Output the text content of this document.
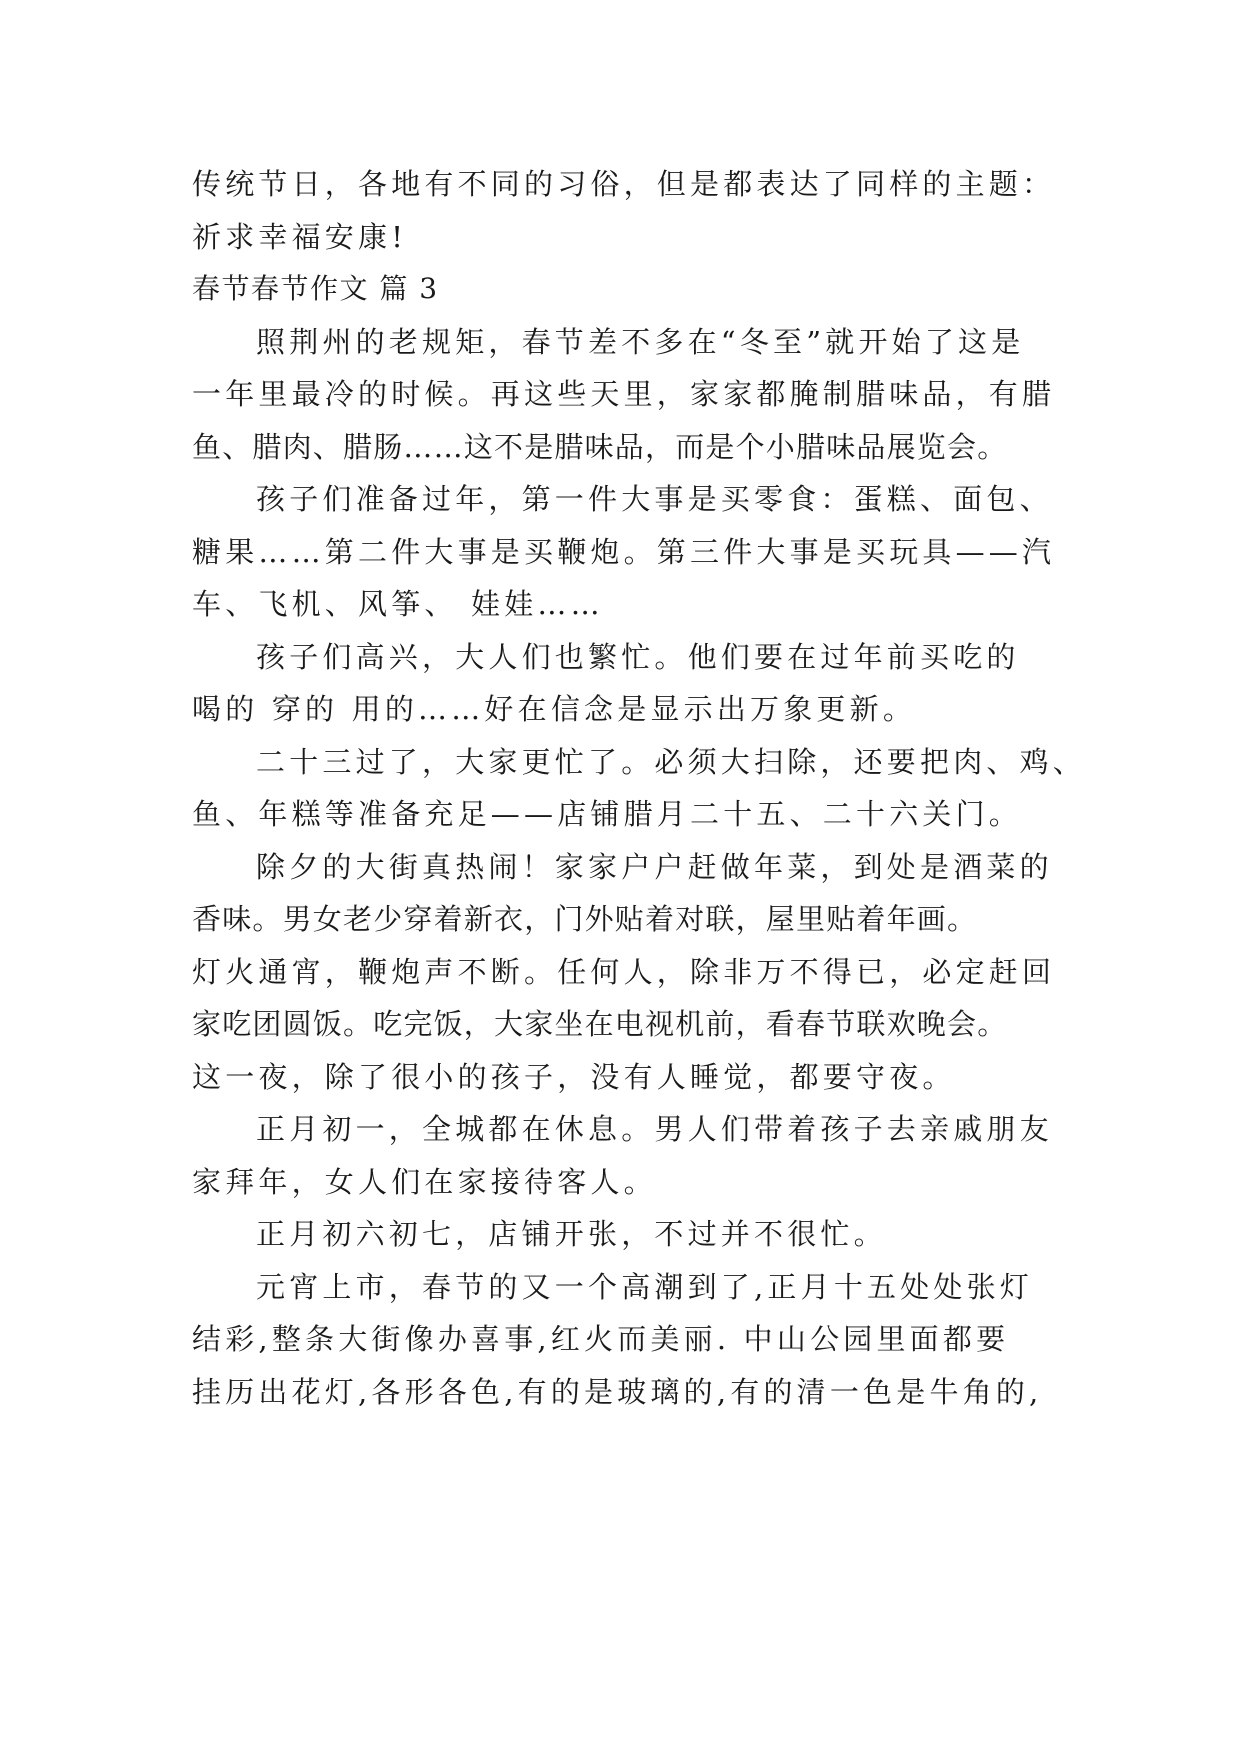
传统节日，各地有不同的习俗，但是都表达了同样的主题：
祈求幸福安康!
春节春节作文 篇 3
照荆州的老规矩，春节差不多在“冬至”就开始了这是
一年里最冷的时候。再这些天里，家家都腌制腊味品，有腊
鱼、腊肉、腊肠……这不是腊味品，而是个小腊味品展览会。
孩子们准备过年，第一件大事是买零食：蛋糕、面包、
糖果……第二件大事是买鞭炮。第三件大事是买玩具——汽
车、飞机、风筝、 娃娃……
孩子们高兴，大人们也繁忙。他们要在过年前买吃的
喝的 穿的 用的……好在信念是显示出万象更新。
二十三过了，大家更忙了。必须大扫除，还要把肉、鸡、
鱼、年糕等准备充足——店铺腊月二十五、二十六关门。
除夕的大街真热闹！家家户户赶做年菜，到处是酒菜的
香味。男女老少穿着新衣，门外贴着对联，屋里贴着年画。
灯火通宵，鞭炮声不断。任何人，除非万不得已，必定赶回
家吃团圆饭。吃完饭，大家坐在电视机前，看春节联欢晚会。
这一夜，除了很小的孩子，没有人睡觉，都要守夜。
正月初一，全城都在休息。男人们带着孩子去亲戚朋友
家拜年，女人们在家接待客人。
正月初六初七，店铺开张，不过并不很忙。
元宵上市，春节的又一个高潮到了,正月十五处处张灯
结彩,整条大街像办喜事,红火而美丽. 中山公园里面都要
挂历出花灯,各形各色,有的是玻璃的,有的清一色是牛角的,
